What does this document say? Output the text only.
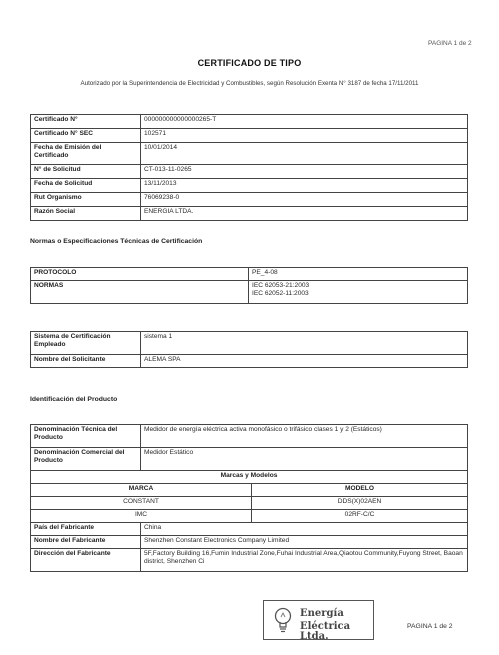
PAGINA 1 de 2
CERTIFICADO DE TIPO
Autorizado por la Superintendencia de Electricidad y Combustibles, según Resolución Exenta N° 3187 de fecha 17/11/2011
Certificado N°	000000000000000265-T
Certificado N° SEC	102571
Fecha de Emisión del Certificado	10/01/2014
N° de Solicitud	CT-013-11-0265
Fecha de Solicitud	13/11/2013
Rut Organismo	76069238-0
Razón Social	ENERGIA LTDA.
Normas o Especificaciones Técnicas de Certificación
PROTOCOLO	PE_4-08
NORMAS	IEC 62053-21:2003
IEC 62052-11:2003
Sistema de Certificación Empleado	sistema 1
Nombre del Solicitante	ALEMA SPA
Identificación del Producto
Denominación Técnica del Producto	Medidor de energía eléctrica activa monofásico o trifásico clases 1 y 2 (Estáticos)	
Denominación Comercial del Producto	Medidor Estático	
Marcas y Modelos		
MARCA		MODELO
CONSTANT		DDS(X)02AEN
IMC		02RF-C/C
País del Fabricante	China	
Nombre del Fabricante	Shenzhen Constant Electronics Company Limited	
Dirección del Fabricante	5F,Factory Building 16,Fumin Industrial Zone,Fuhai Industrial Area,Qiaotou Community,Fuyong Street, Baoan district, Shenzhen Ci	
Energía
Eléctrica Ltda.
PAGINA 1 de 2
